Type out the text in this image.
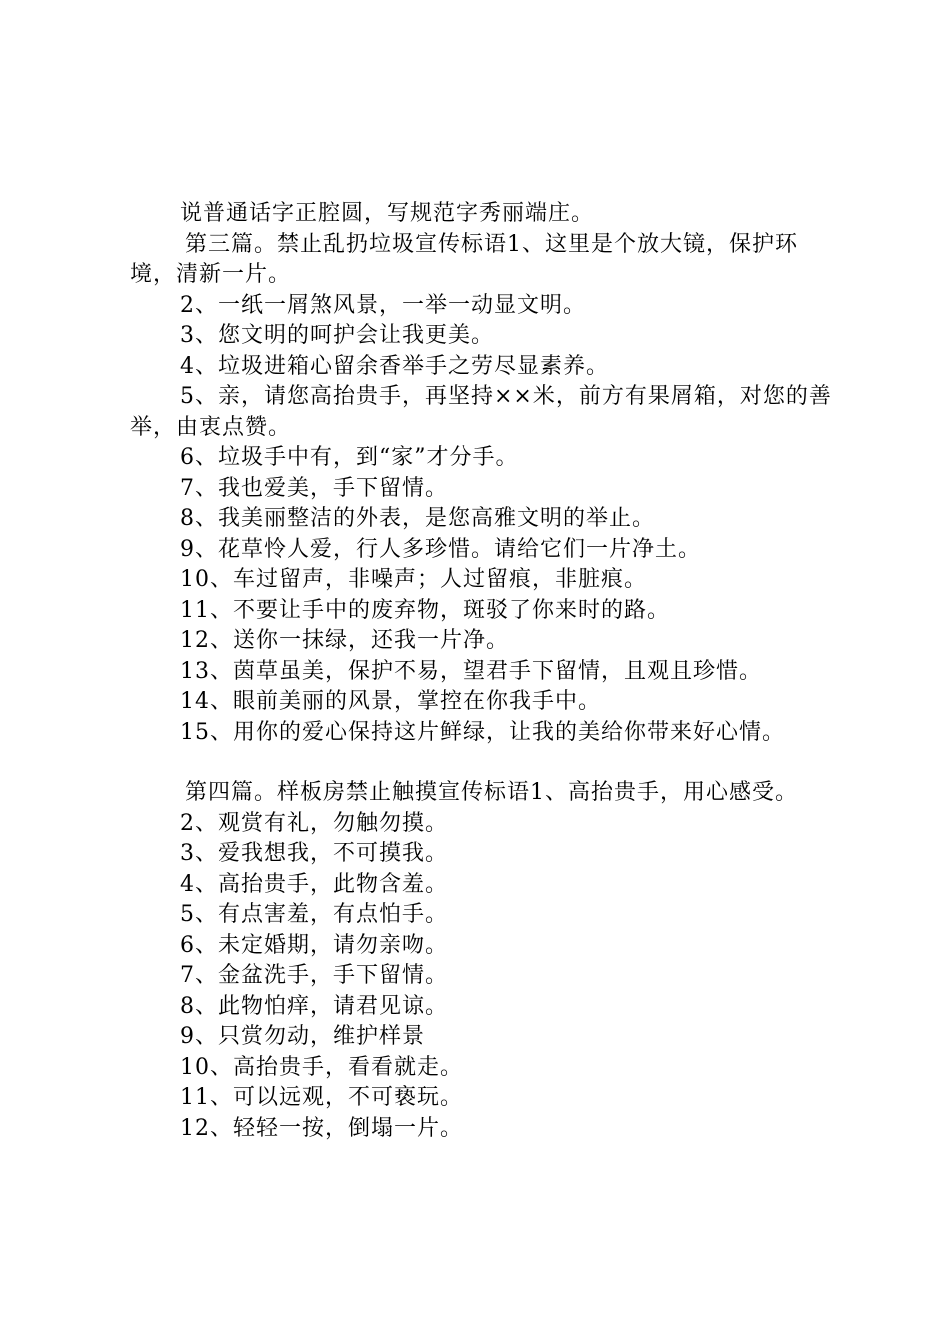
说普通话字正腔圆，写规范字秀丽端庄。

第三篇。禁止乱扔垃圾宣传标语1、这里是个放大镜，保护环境，清新一片。

2、一纸一屑煞风景，一举一动显文明。

3、您文明的呵护会让我更美。

4、垃圾进箱心留余香举手之劳尽显素养。

5、亲，请您高抬贵手，再坚持××米，前方有果屑箱，对您的善举，由衷点赞。

6、垃圾手中有，到“家”才分手。

7、我也爱美，手下留情。

8、我美丽整洁的外表，是您高雅文明的举止。

9、花草怜人爱，行人多珍惜。请给它们一片净土。

10、车过留声，非噪声；人过留痕，非脏痕。

11、不要让手中的废弃物，斑驳了你来时的路。

12、送你一抹绿，还我一片净。

13、茵草虽美，保护不易，望君手下留情，且观且珍惜。

14、眼前美丽的风景，掌控在你我手中。

15、用你的爱心保持这片鲜绿，让我的美给你带来好心情。

第四篇。样板房禁止触摸宣传标语1、高抬贵手，用心感受。

2、观赏有礼，勿触勿摸。

3、爱我想我，不可摸我。

4、高抬贵手，此物含羞。

5、有点害羞，有点怕手。

6、未定婚期，请勿亲吻。

7、金盆洗手，手下留情。

8、此物怕痒，请君见谅。

9、只赏勿动，维护样景

10、高抬贵手，看看就走。

11、可以远观，不可亵玩。

12、轻轻一按，倒塌一片。
